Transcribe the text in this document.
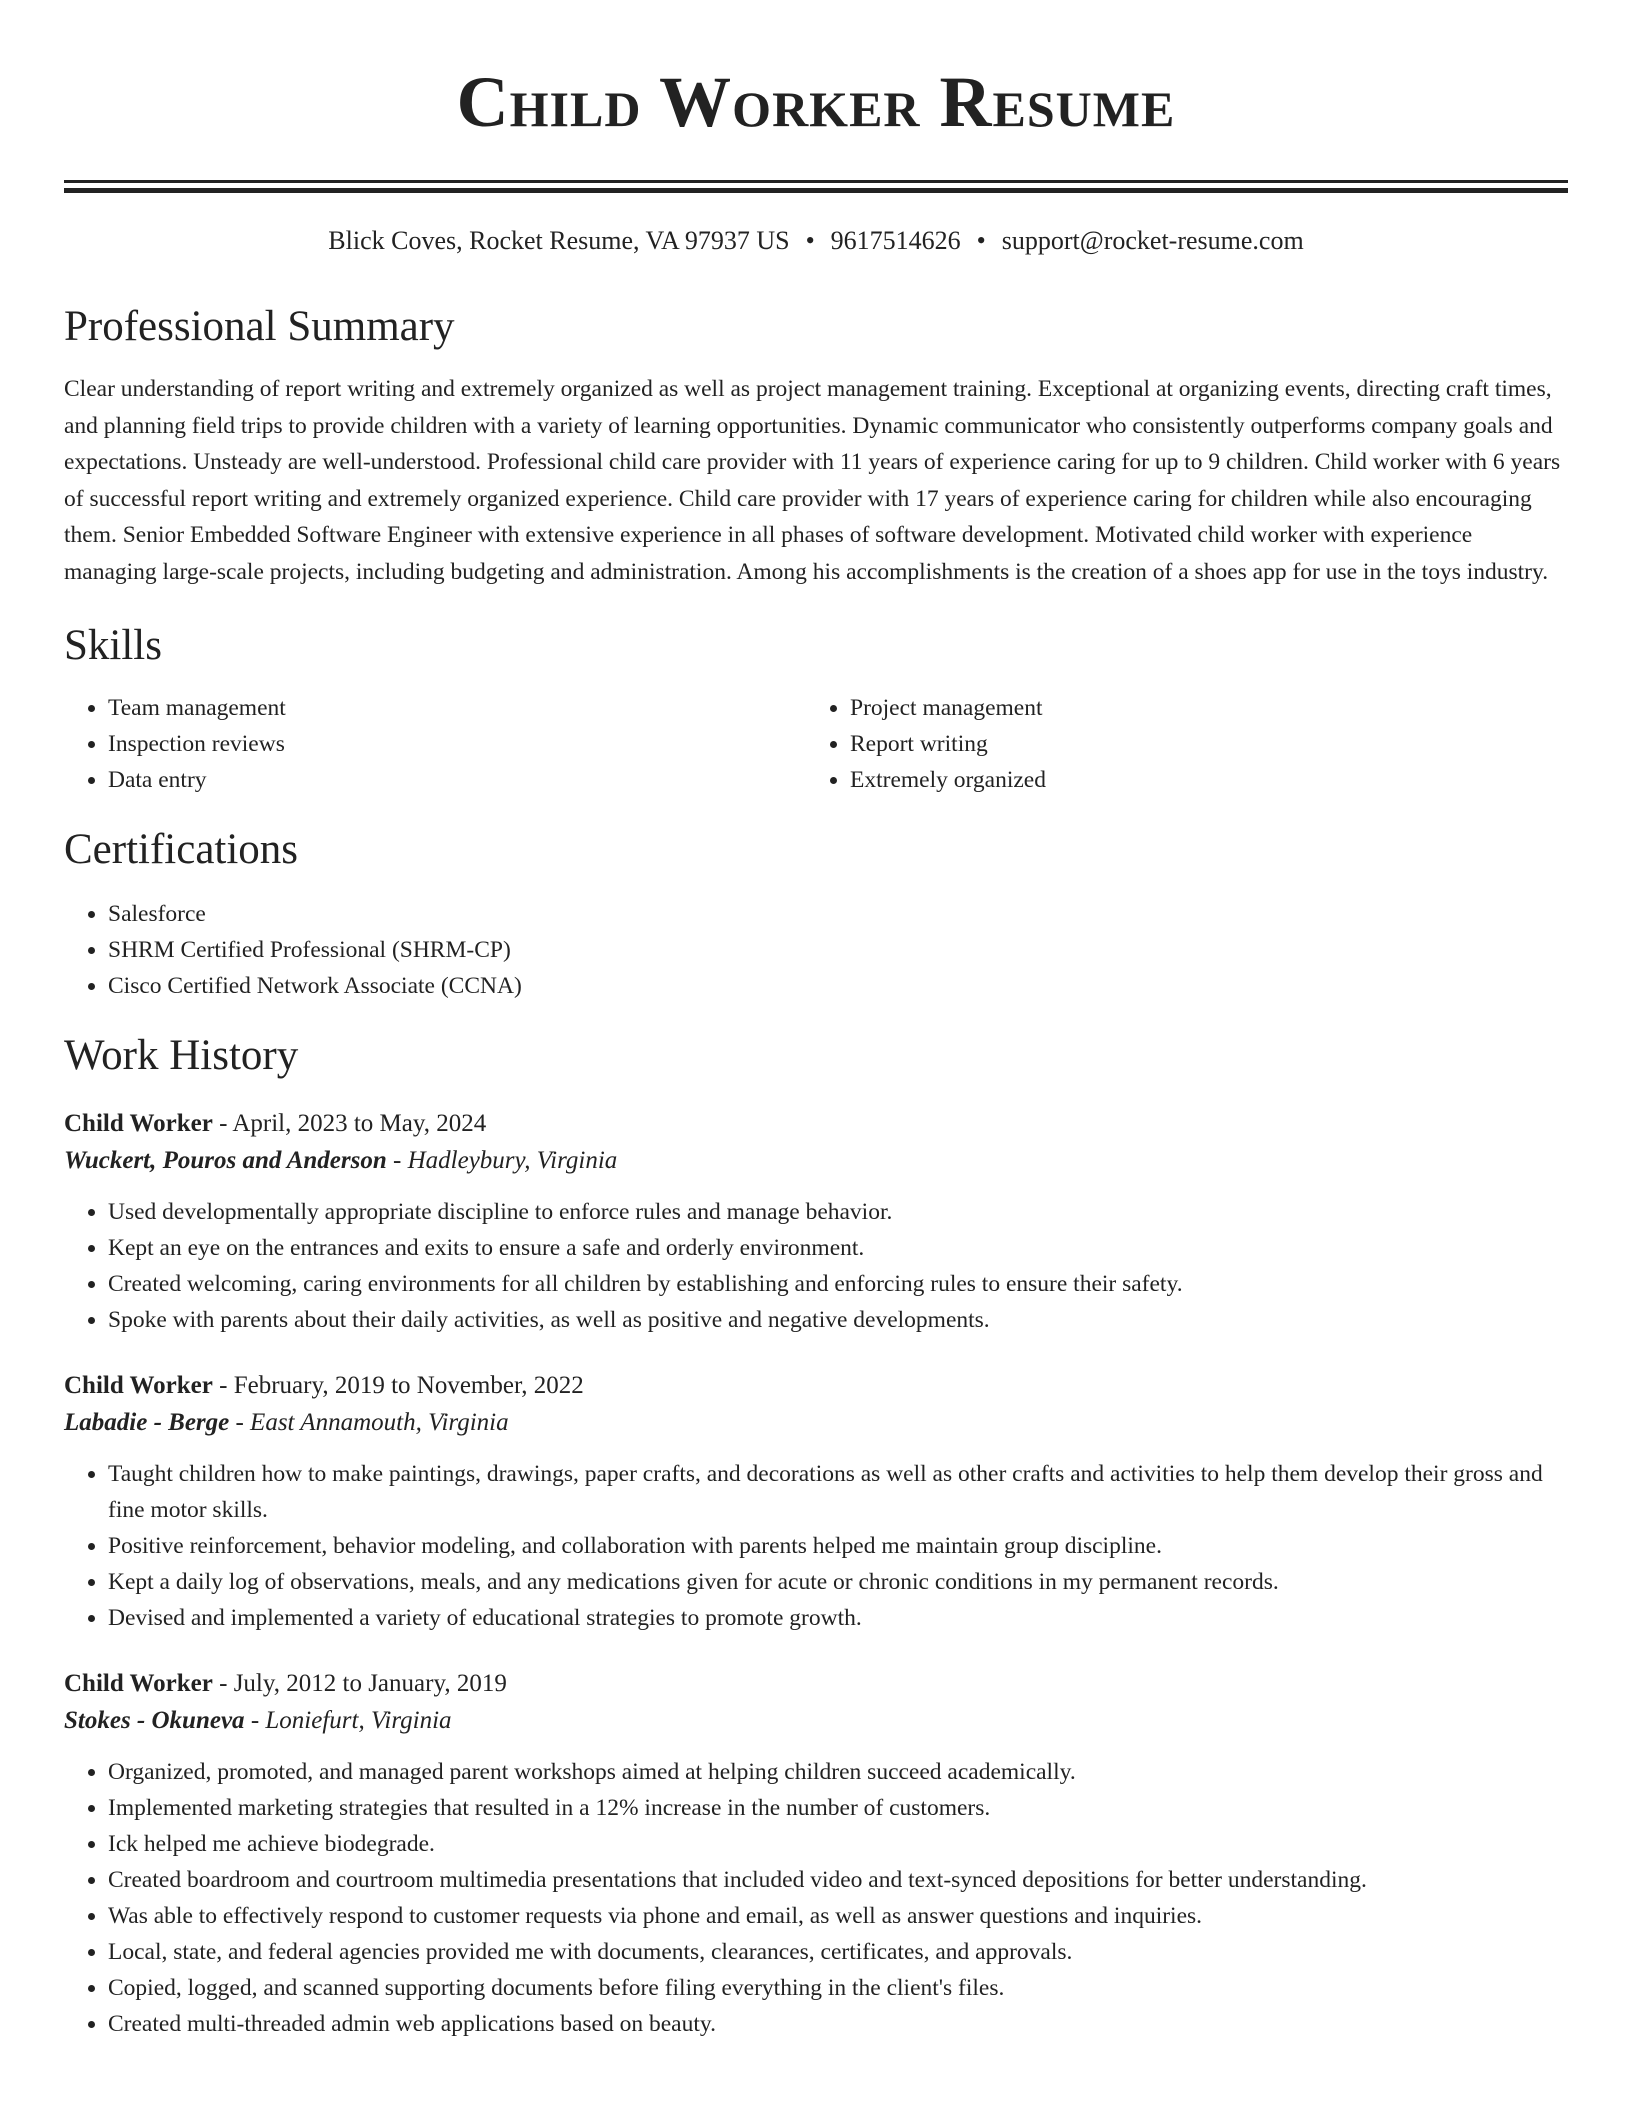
Child Worker Resume
Blick Coves, Rocket Resume, VA 97937 US • 9617514626 • support@rocket-resume.com
Professional Summary

Clear understanding of report writing and extremely organized as well as project management training. Exceptional at organizing events, directing craft times, and planning field trips to provide children with a variety of learning opportunities. Dynamic communicator who consistently outperforms company goals and expectations. Unsteady are well-understood. Professional child care provider with 11 years of experience caring for up to 9 children. Child worker with 6 years of successful report writing and extremely organized experience. Child care provider with 17 years of experience caring for children while also encouraging them. Senior Embedded Software Engineer with extensive experience in all phases of software development. Motivated child worker with experience managing large-scale projects, including budgeting and administration. Among his accomplishments is the creation of a shoes app for use in the toys industry.

Skills
• Team management
• Inspection reviews
• Data entry
• Project management
• Report writing
• Extremely organized
Certifications
• Salesforce
• SHRM Certified Professional (SHRM-CP)
• Cisco Certified Network Associate (CCNA)
Work History
Child Worker - April, 2023 to May, 2024
Wuckert, Pouros and Anderson - Hadleybury, Virginia
• Used developmentally appropriate discipline to enforce rules and manage behavior.
• Kept an eye on the entrances and exits to ensure a safe and orderly environment.
• Created welcoming, caring environments for all children by establishing and enforcing rules to ensure their safety.
• Spoke with parents about their daily activities, as well as positive and negative developments.
Child Worker - February, 2019 to November, 2022
Labadie - Berge - East Annamouth, Virginia
• Taught children how to make paintings, drawings, paper crafts, and decorations as well as other crafts and activities to help them develop their gross and fine motor skills.
• Positive reinforcement, behavior modeling, and collaboration with parents helped me maintain group discipline.
• Kept a daily log of observations, meals, and any medications given for acute or chronic conditions in my permanent records.
• Devised and implemented a variety of educational strategies to promote growth.
Child Worker - July, 2012 to January, 2019
Stokes - Okuneva - Loniefurt, Virginia
• Organized, promoted, and managed parent workshops aimed at helping children succeed academically.
• Implemented marketing strategies that resulted in a 12% increase in the number of customers.
• Ick helped me achieve biodegrade.
• Created boardroom and courtroom multimedia presentations that included video and text-synced depositions for better understanding.
• Was able to effectively respond to customer requests via phone and email, as well as answer questions and inquiries.
• Local, state, and federal agencies provided me with documents, clearances, certificates, and approvals.
• Copied, logged, and scanned supporting documents before filing everything in the client's files.
• Created multi-threaded admin web applications based on beauty.
